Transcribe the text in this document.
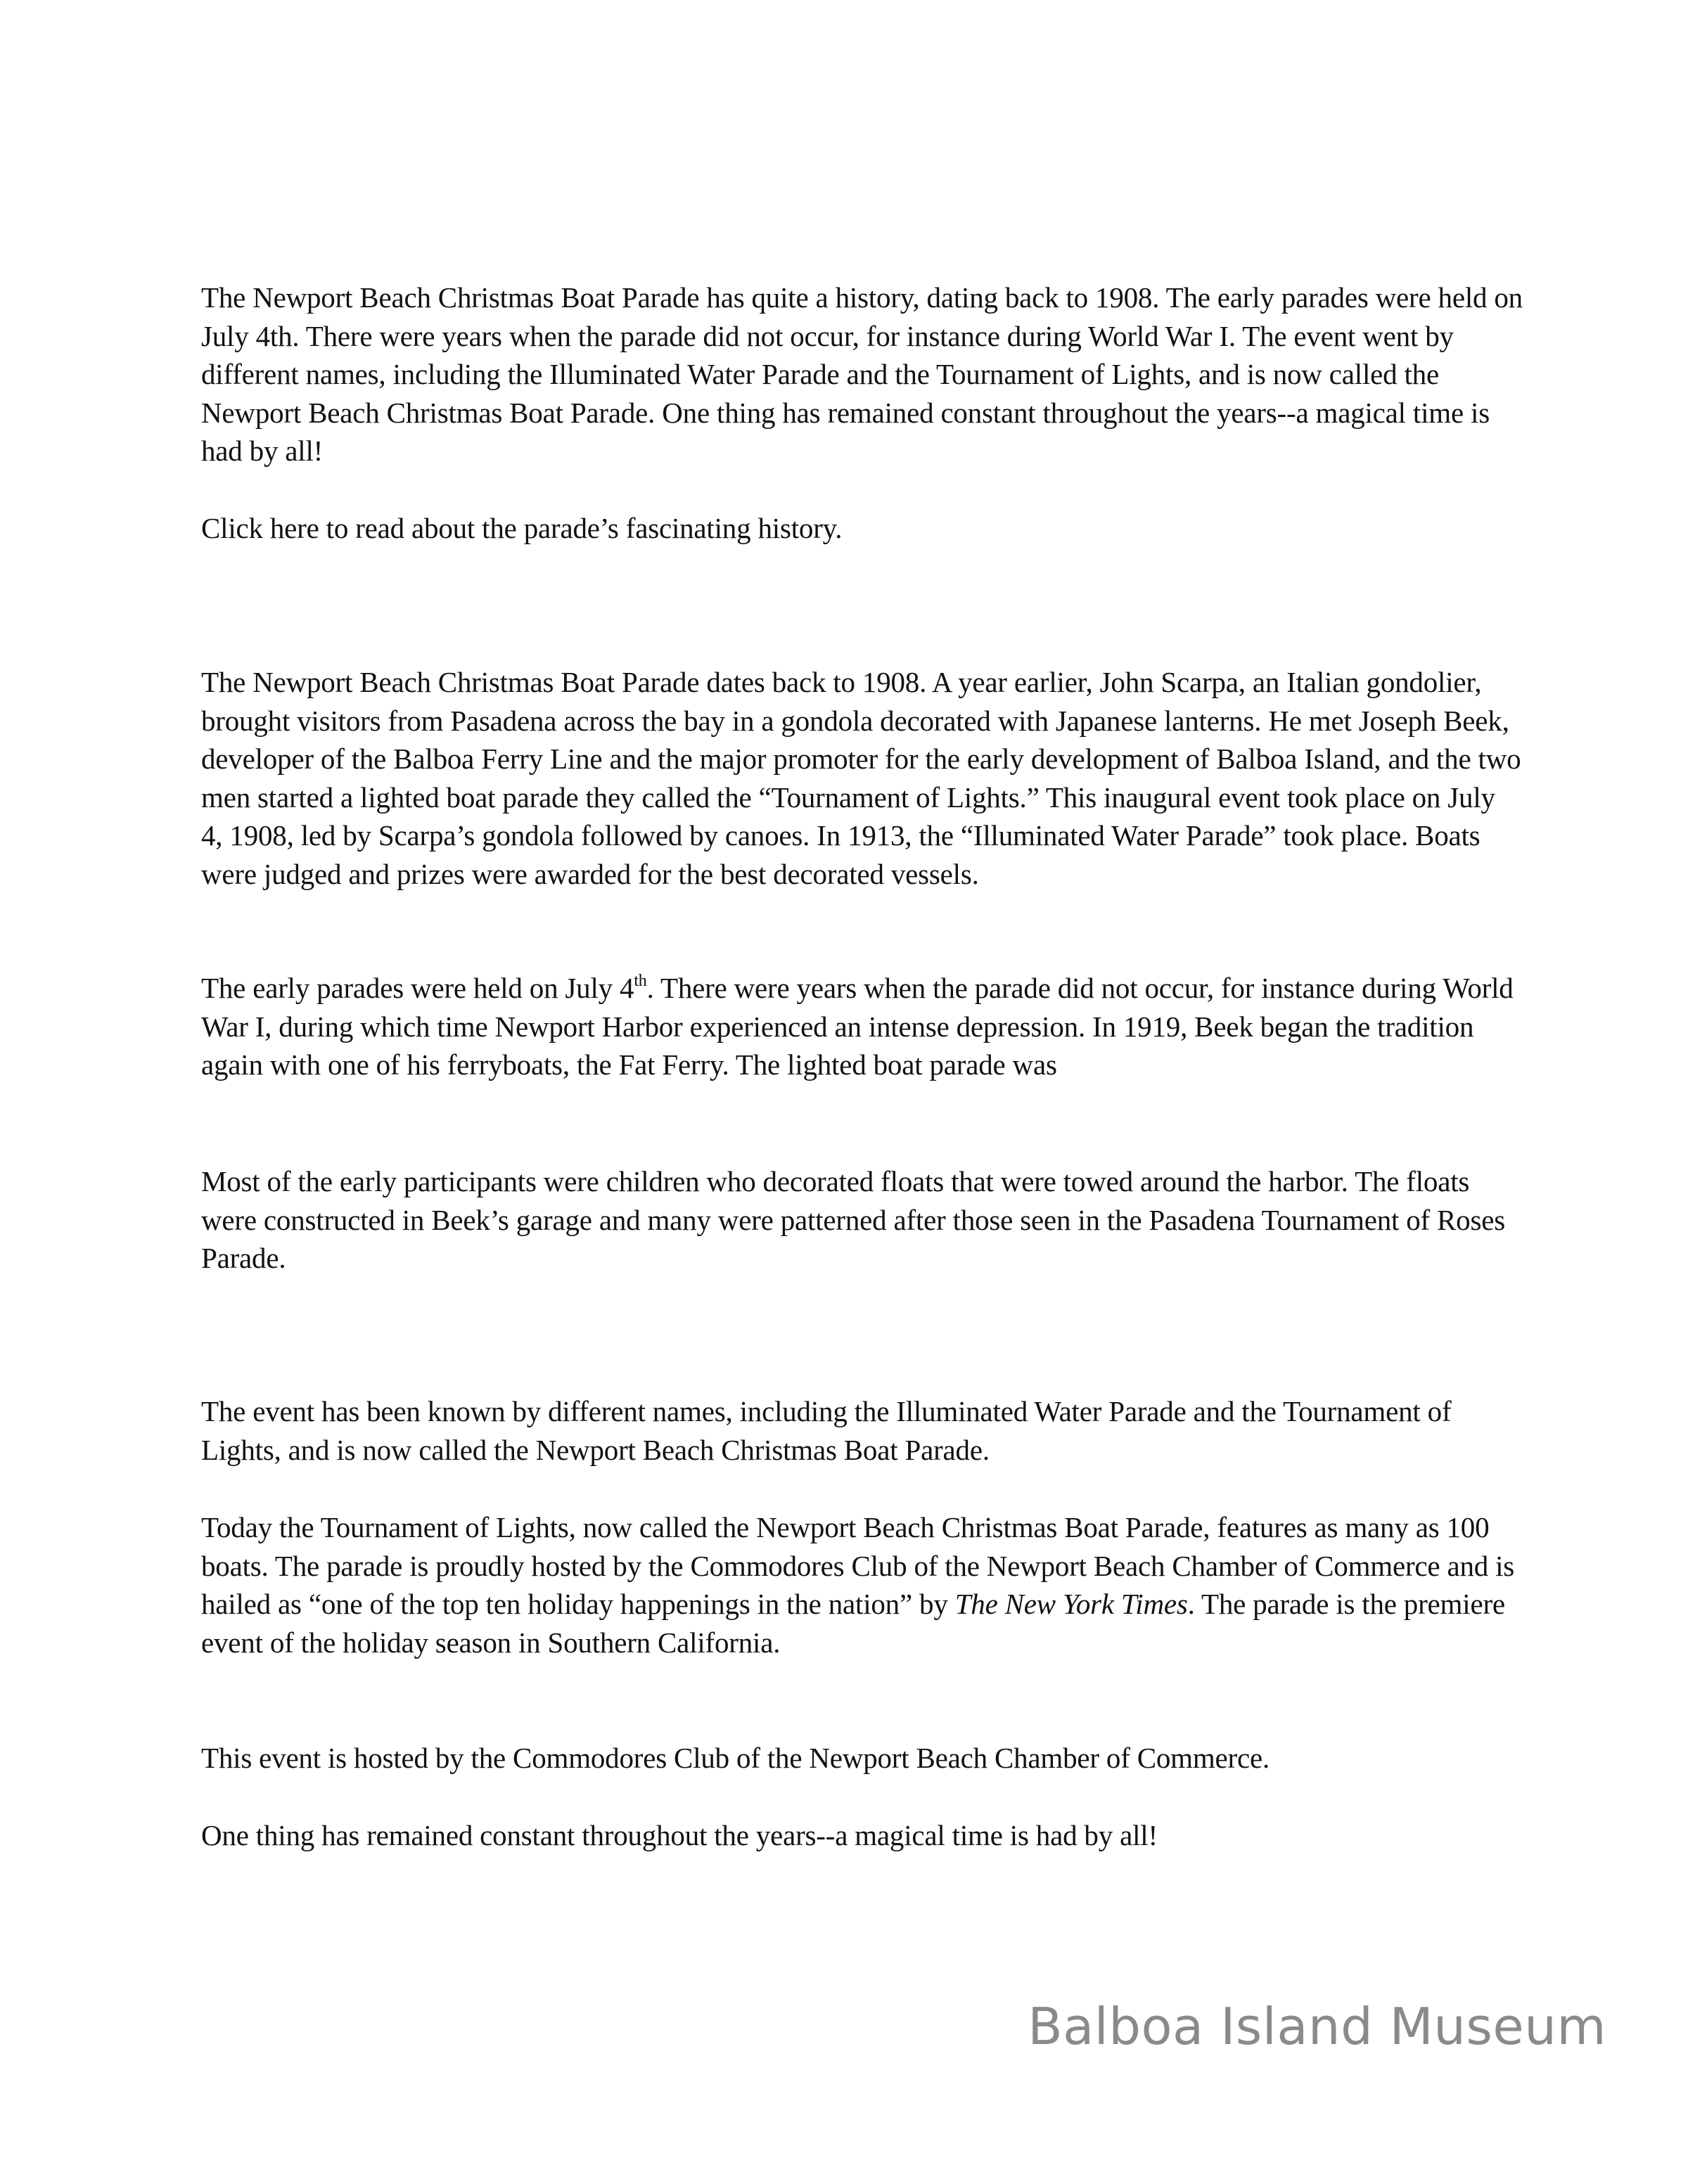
The Newport Beach Christmas Boat Parade has quite a history, dating back to 1908. The early parades were held on July 4th. There were years when the parade did not occur, for instance during World War I. The event went by different names, including the Illuminated Water Parade and the Tournament of Lights, and is now called the Newport Beach Christmas Boat Parade. One thing has remained constant throughout the years--a magical time is had by all!

Click here to read about the parade’s fascinating history.

The Newport Beach Christmas Boat Parade dates back to 1908. A year earlier, John Scarpa, an Italian gondolier, brought visitors from Pasadena across the bay in a gondola decorated with Japanese lanterns. He met Joseph Beek, developer of the Balboa Ferry Line and the major promoter for the early development of Balboa Island, and the two men started a lighted boat parade they called the “Tournament of Lights.” This inaugural event took place on July 4, 1908, led by Scarpa’s gondola followed by canoes. In 1913, the “Illuminated Water Parade” took place. Boats were judged and prizes were awarded for the best decorated vessels.

The early parades were held on July 4th. There were years when the parade did not occur, for instance during World War I, during which time Newport Harbor experienced an intense depression. In 1919, Beek began the tradition again with one of his ferryboats, the Fat Ferry. The lighted boat parade was

Most of the early participants were children who decorated floats that were towed around the harbor. The floats were constructed in Beek’s garage and many were patterned after those seen in the Pasadena Tournament of Roses Parade.

The event has been known by different names, including the Illuminated Water Parade and the Tournament of Lights, and is now called the Newport Beach Christmas Boat Parade.

Today the Tournament of Lights, now called the Newport Beach Christmas Boat Parade, features as many as 100 boats. The parade is proudly hosted by the Commodores Club of the Newport Beach Chamber of Commerce and is hailed as “one of the top ten holiday happenings in the nation” by The New York Times. The parade is the premiere event of the holiday season in Southern California.

This event is hosted by the Commodores Club of the Newport Beach Chamber of Commerce.

One thing has remained constant throughout the years--a magical time is had by all!

Balboa Island Museum
